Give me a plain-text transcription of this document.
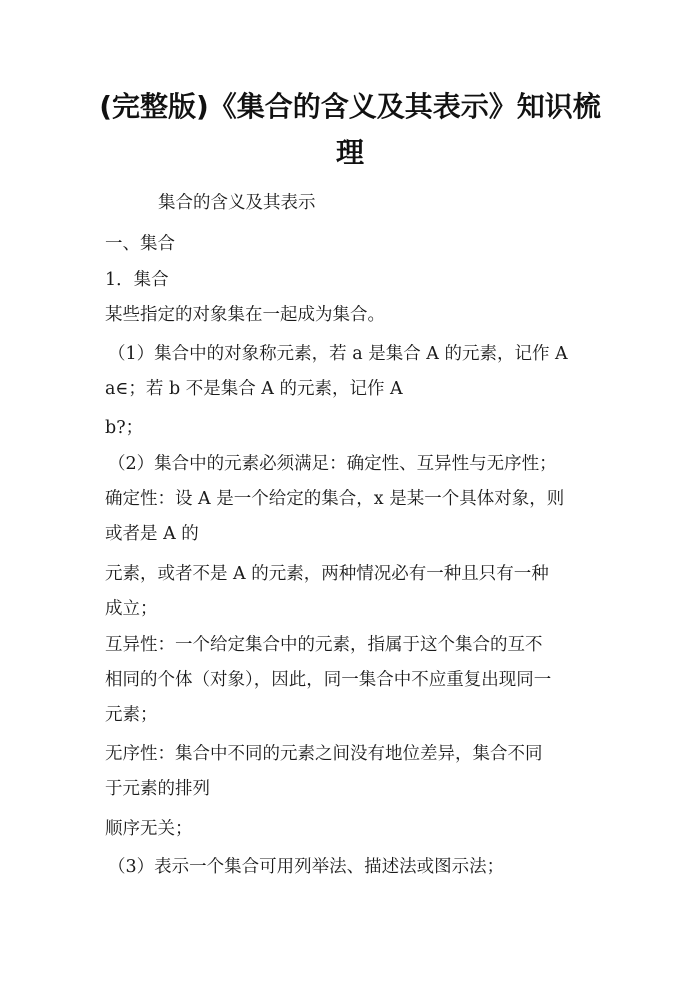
(完整版)《集合的含义及其表示》知识梳
理
集合的含义及其表示
一、集合
1．集合
某些指定的对象集在一起成为集合。
（1）集合中的对象称元素，若 a 是集合 A 的元素，记作 A
a∈；若 b 不是集合 A 的元素，记作 A
b?；
（2）集合中的元素必须满足：确定性、互异性与无序性；
确定性：设 A 是一个给定的集合，x 是某一个具体对象，则
或者是 A 的
元素，或者不是 A 的元素，两种情况必有一种且只有一种
成立；
互异性：一个给定集合中的元素，指属于这个集合的互不
相同的个体（对象），因此，同一集合中不应重复出现同一
元素；
无序性：集合中不同的元素之间没有地位差异，集合不同
于元素的排列
顺序无关；
（3）表示一个集合可用列举法、描述法或图示法；
